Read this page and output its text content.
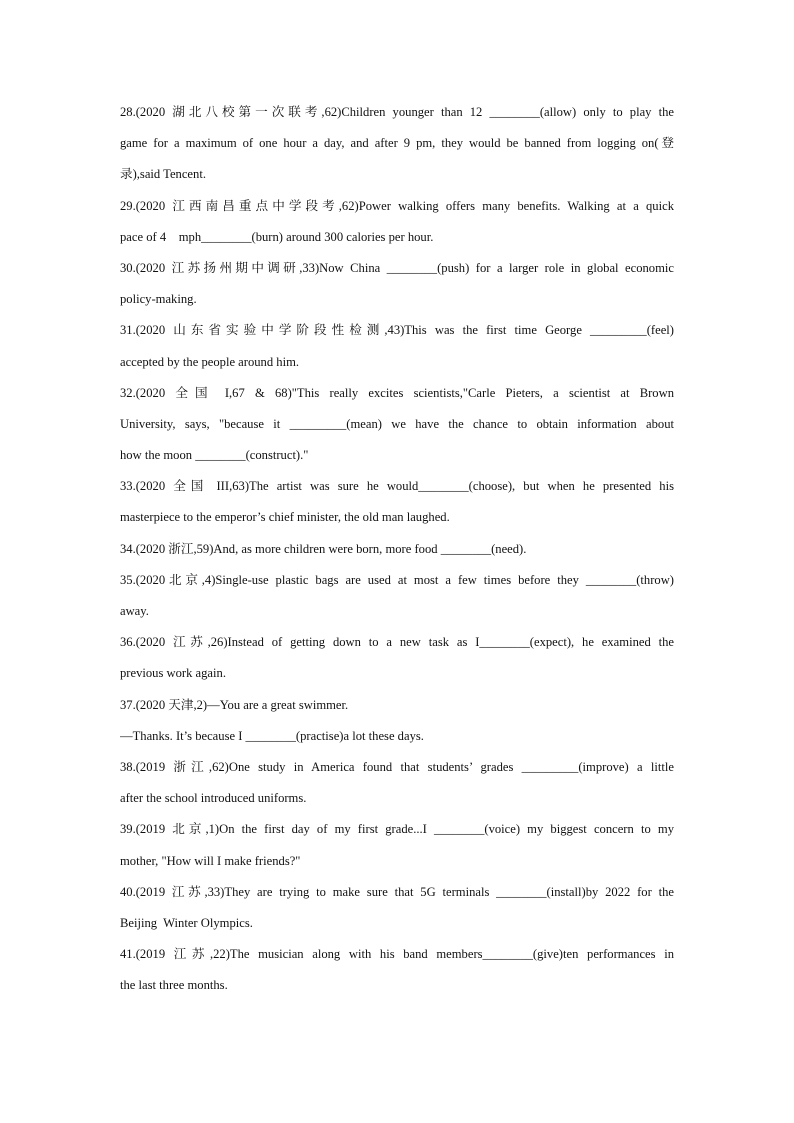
28.(2020 湖北八校第一次联考,62)Children younger than 12 ________(allow) only to play the
game for a maximum of one hour a day, and after 9 pm, they would be banned from logging on(登
录),said Tencent.
29.(2020 江西南昌重点中学段考,62)Power walking offers many benefits. Walking at a quick
pace of 4    mph________(burn) around 300 calories per hour.
30.(2020 江苏扬州期中调研,33)Now China ________(push) for a larger role in global economic
policy-making.
31.(2020 山东省实验中学阶段性检测,43)This was the first time George _________(feel)
accepted by the people around him.
32.(2020 全国 I,67 & 68)"This really excites scientists,"Carle Pieters, a scientist at Brown
University, says, "because it _________(mean) we have the chance to obtain information about
how the moon ________(construct)."
33.(2020 全国 III,63)The artist was sure he would________(choose), but when he presented his
masterpiece to the emperor’s chief minister, the old man laughed.
34.(2020 浙江,59)And, as more children were born, more food ________(need).
35.(2020北京,4)Single-use plastic bags are used at most a few times before they ________(throw)
away.
36.(2020 江苏,26)Instead of getting down to a new task as I________(expect), he examined the
previous work again.
37.(2020 天津,2)—You are a great swimmer.
—Thanks. It’s because I ________(practise)a lot these days.
38.(2019 浙江,62)One study in America found that students’ grades _________(improve) a little
after the school introduced uniforms.
39.(2019 北京,1)On the first day of my first grade...I ________(voice) my biggest concern to my
mother, "How will I make friends?"
40.(2019 江苏,33)They are trying to make sure that 5G terminals ________(install)by 2022 for the
Beijing  Winter Olympics.
41.(2019 江苏,22)The musician along with his band members________(give)ten performances in
the last three months.
